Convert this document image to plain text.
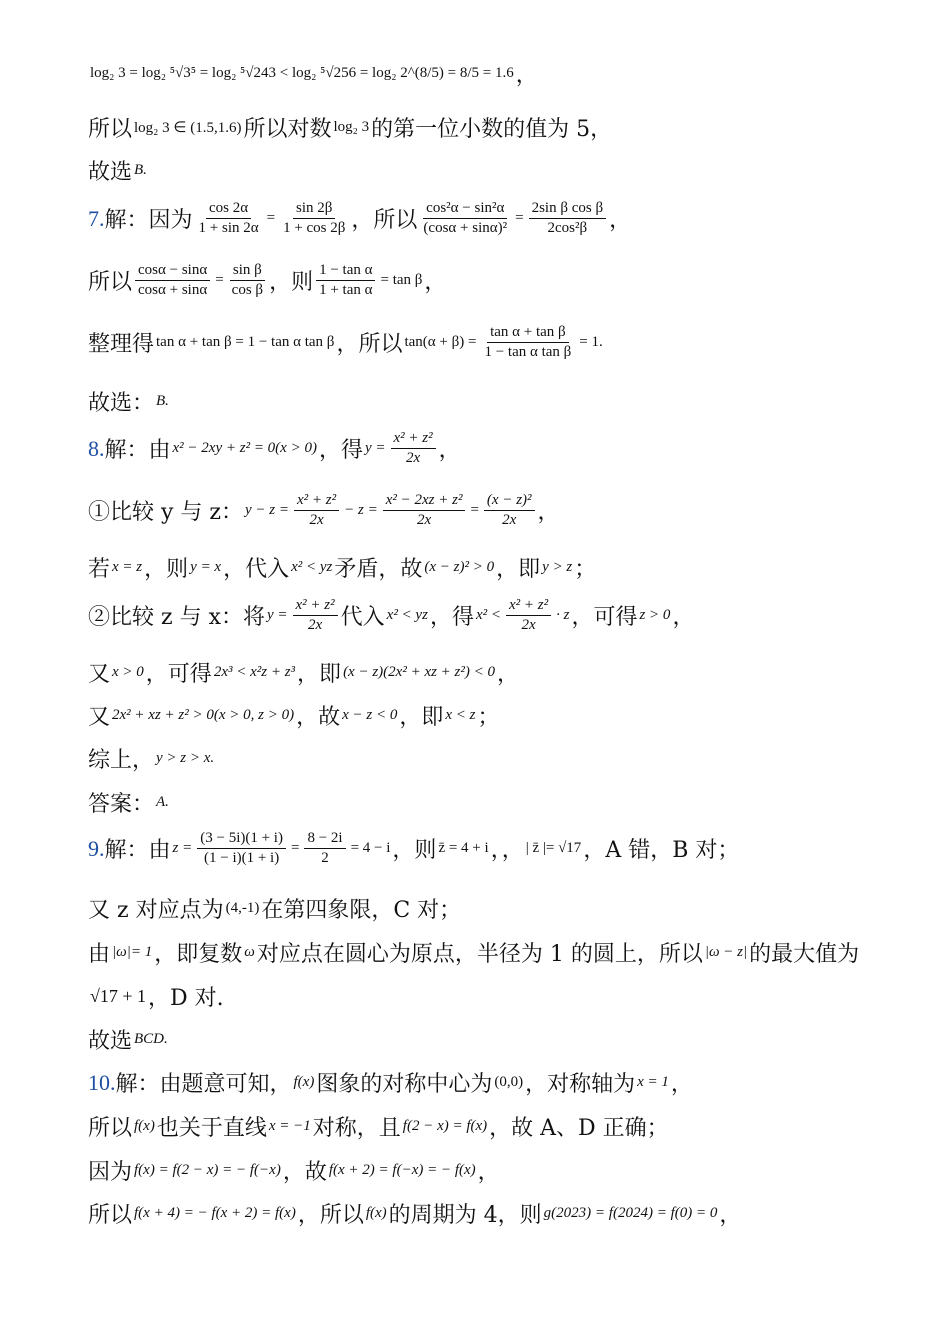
log₂ 3 = log₂ ⁵√3⁵ = log₂ ⁵√243 < log₂ ⁵√256 = log₂ 2^(8/5) = 8/5 = 1.6 ，
所以 log₂ 3 ∈ (1.5,1.6) 所以对数 log₂ 3 的第一位小数的值为 5，
故选 B.
7. 解：因为 $\frac{\cos 2\alpha}{1 + \sin 2\alpha} = \frac{\sin 2\beta}{1 + \cos 2\beta}$ ，所以 $\frac{\text{cos²α − sin²α}}{\text{(cosα + sinα)²}} = \frac{\text{2sin β cos β}}{\text{2cos²β}}$ ，
所以 $\frac{\cos\alpha - \sin\alpha}{\cos\alpha + \sin\alpha} = \frac{\text{sin β}}{\text{cos β}}$ ，则 $\frac{\text{1 − tan α}}{\text{1 + tan α}} = \tan \beta$ ，
整理得 tan α + tan β = 1 − tan α tan β ，所以 $\tan(\alpha + \beta) = \frac{\text{tan α + tan β}}{\text{1 − tan α tan β}} = 1$.
故选： B.
8. 解：由 x² − 2xy + z² = 0(x > 0) ，得 $y = \frac{\text{x² + z²}}{2x}$ ，
①比较 y 与 z： $y - z = \frac{\text{x² + z²}}{2x} - z = \frac{\text{x² − 2xz + z²}}{2x} = \frac{\text{(x − z)²}}{2x}$ ，
若 x = z ，则 y = x ，代入 x² < yz 矛盾，故 (x − z)² > 0 ，即 y > z ；
②比较 z 与 x：将 $y = \frac{\text{x² + z²}}{2x}$ 代入 x² < yz ，得 $x^2 < \frac{\text{x² + z²}}{2x} \cdot z$ ，可得 z > 0 ，
又 x > 0 ，可得 2x³ < x²z + z³ ，即 (x − z)(2x² + xz + z²) < 0 ，
又 2x² + xz + z² > 0(x > 0, z > 0) ，故 x − z < 0 ，即 x < z ；
综上， y > z > x.
答案： A.
9. 解：由 $z = \frac{(3 - 5i)(1 + i)}{(1 - i)(1 + i)} = \frac{8 - 2i}{2} = 4 - i$ ，则 z̄ = 4 + i ，， | z̄ |= √17 ，A 错，B 对；
又 z 对应点为 (4,-1) 在第四象限，C 对；
由 |ω|= 1 ，即复数 ω 对应点在圆心为原点，半径为 1 的圆上，所以 |ω − z| 的最大值为
√17 + 1 ，D 对.
故选 BCD.
10. 解：由题意可知， f(x) 图象的对称中心为 (0,0) ，对称轴为 x = 1 ，
所以 f(x) 也关于直线 x = −1 对称，且 f(2 − x) = f(x) ，故 A、D 正确；
因为 f(x) = f(2 − x) = − f(−x) ，故 f(x + 2) = f(−x) = − f(x) ，
所以 f(x + 4) = − f(x + 2) = f(x) ，所以 f(x) 的周期为 4，则 g(2023) = f(2024) = f(0) = 0 ，
